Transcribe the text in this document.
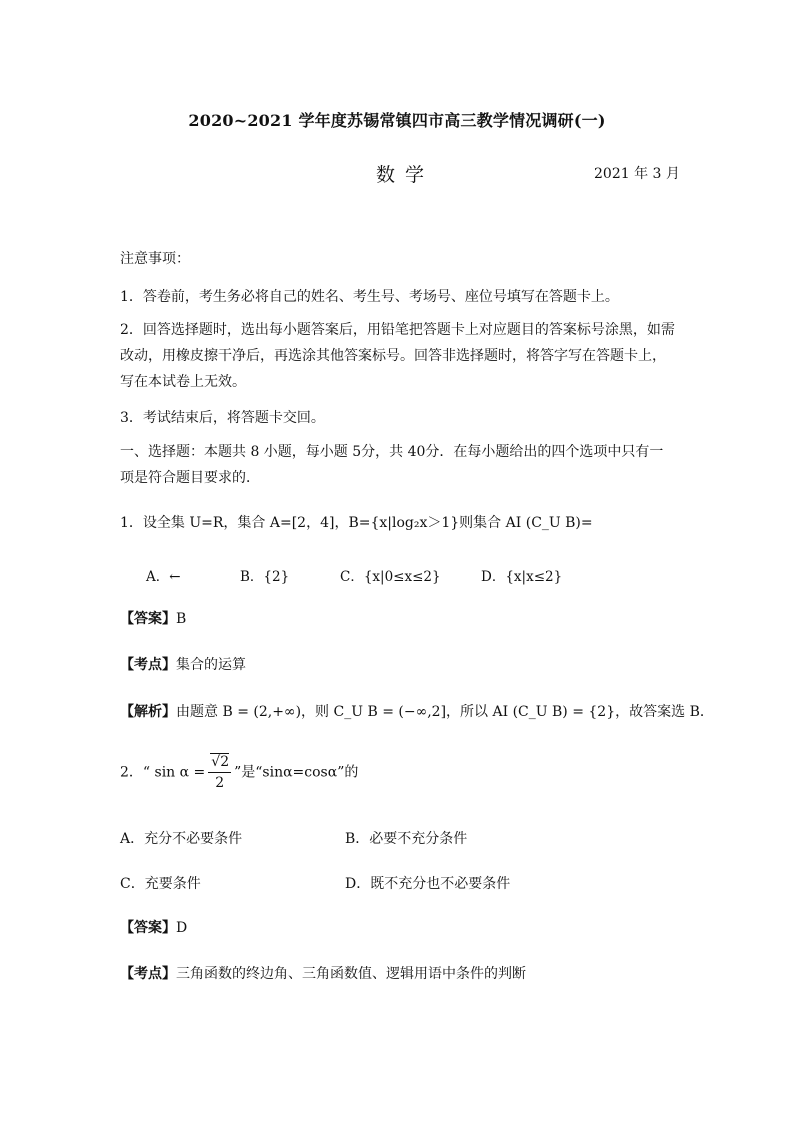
2020~2021 学年度苏锡常镇四市高三教学情况调研(一)
数学	2021 年 3 月
注意事项：
1．答卷前，考生务必将自己的姓名、考生号、考场号、座位号填写在答题卡上。
2．回答选择题时，选出每小题答案后，用铅笔把答题卡上对应题目的答案标号涂黑，如需改动，用橡皮擦干净后，再选涂其他答案标号。回答非选择题时，将答字写在答题卡上，写在本试卷上无效。
3．考试结束后，将答题卡交回。
一、选择题：本题共 8 小题，每小题 5分，共 40分．在每小题给出的四个选项中只有一项是符合题目要求的．
1．设全集 U=R，集合 A=[2，4]，B={x|log₂x＞1}则集合 AI (C_U B)=
A．←	B．{2}	C．{x|0≤x≤2}	D．{x|x≤2}
【答案】B
【考点】集合的运算
【解析】由题意 B = (2,+∞)，则 C_U B = (−∞,2]，所以 AI (C_U B) = {2}，故答案选 B．
2．“ $\sin \alpha = \frac{√2}{2}$ ”是“sinα=cosα”的
A．充分不必要条件	B．必要不充分条件
C．充要条件	D．既不充分也不必要条件
【答案】D
【考点】三角函数的终边角、三角函数值、逻辑用语中条件的判断
